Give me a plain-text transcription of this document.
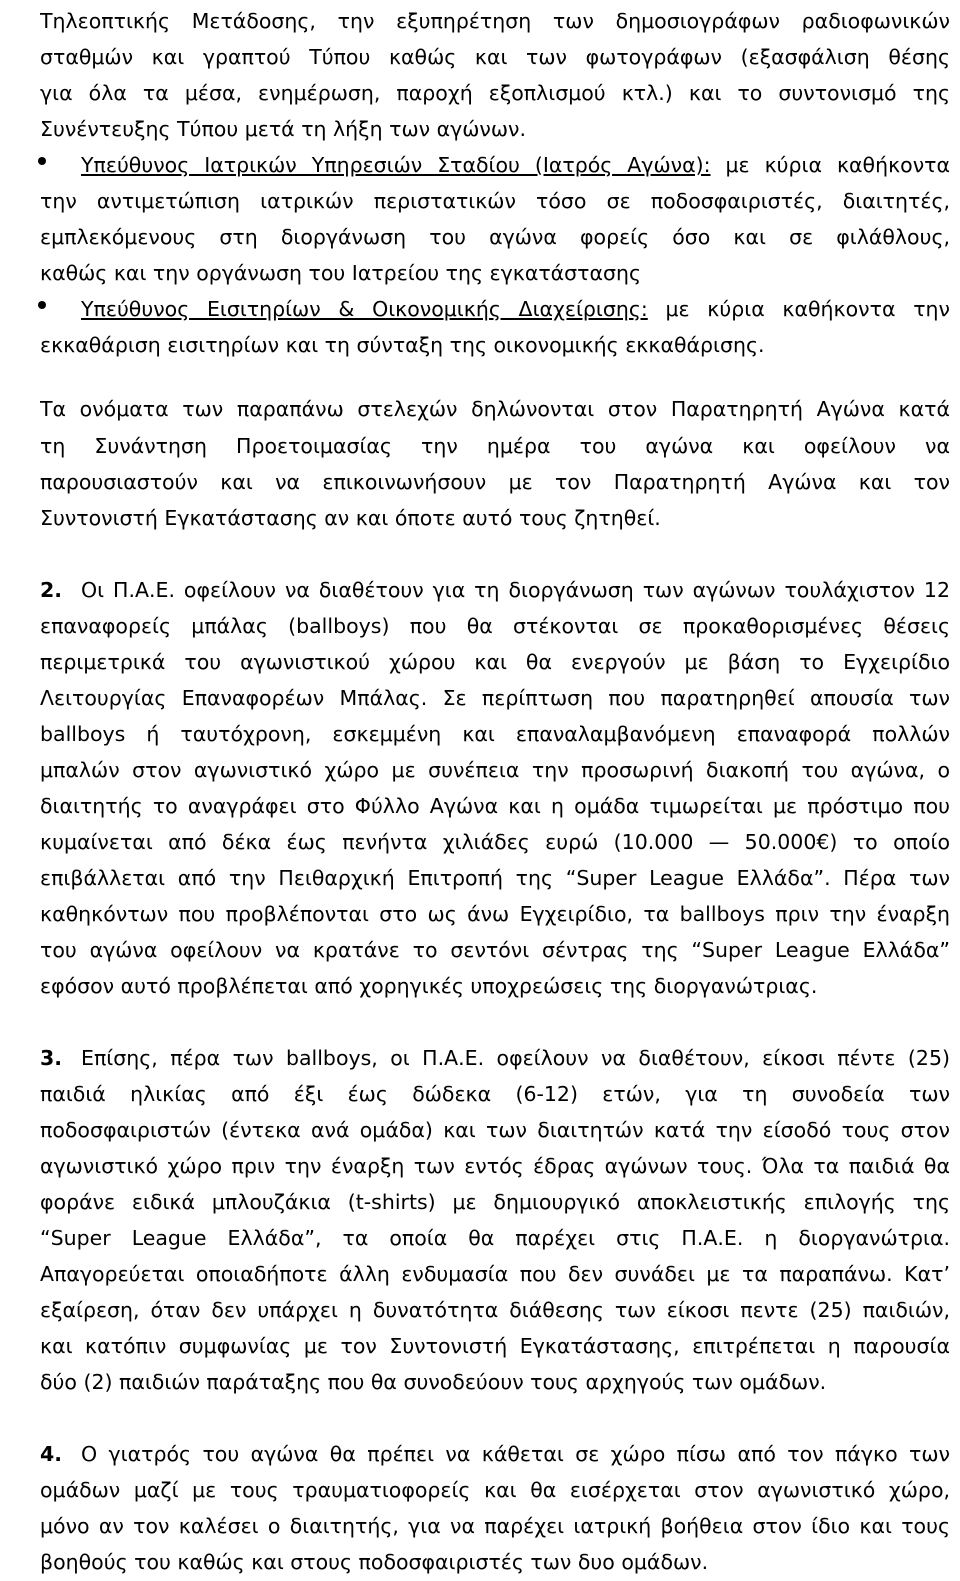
Τηλεοπτικής Μετάδοσης, την εξυπηρέτηση των δημοσιογράφων ραδιοφωνικών
σταθμών και γραπτού Τύπου καθώς και των φωτογράφων (εξασφάλιση θέσης
για όλα τα μέσα, ενημέρωση, παροχή εξοπλισμού κτλ.) και το συντονισμό της
Συνέντευξης Τύπου μετά τη λήξη των αγώνων.
Υπεύθυνος Ιατρικών Υπηρεσιών Σταδίου (Ιατρός Αγώνα): με κύρια καθήκοντα
την αντιμετώπιση ιατρικών περιστατικών τόσο σε ποδοσφαιριστές, διαιτητές,
εμπλεκόμενους στη διοργάνωση του αγώνα φορείς όσο και σε φιλάθλους,
καθώς και την οργάνωση του Ιατρείου της εγκατάστασης
Υπεύθυνος Εισιτηρίων & Οικονομικής Διαχείρισης: με κύρια καθήκοντα την
εκκαθάριση εισιτηρίων και τη σύνταξη της οικονομικής εκκαθάρισης.
Τα ονόματα των παραπάνω στελεχών δηλώνονται στον Παρατηρητή Αγώνα κατά
τη Συνάντηση Προετοιμασίας την ημέρα του αγώνα και οφείλουν να
παρουσιαστούν και να επικοινωνήσουν με τον Παρατηρητή Αγώνα και τον
Συντονιστή Εγκατάστασης αν και όποτε αυτό τους ζητηθεί.
2. Οι Π.Α.Ε. οφείλουν να διαθέτουν για τη διοργάνωση των αγώνων τουλάχιστον 12
επαναφορείς μπάλας (ballboys) που θα στέκονται σε προκαθορισμένες θέσεις
περιμετρικά του αγωνιστικού χώρου και θα ενεργούν με βάση το Εγχειρίδιο
Λειτουργίας Επαναφορέων Μπάλας. Σε περίπτωση που παρατηρηθεί απουσία των
ballboys ή ταυτόχρονη, εσκεμμένη και επαναλαμβανόμενη επαναφορά πολλών
μπαλών στον αγωνιστικό χώρο με συνέπεια την προσωρινή διακοπή του αγώνα, ο
διαιτητής το αναγράφει στο Φύλλο Αγώνα και η ομάδα τιμωρείται με πρόστιμο που
κυμαίνεται από δέκα έως πενήντα χιλιάδες ευρώ (10.000 — 50.000€) το οποίο
επιβάλλεται από την Πειθαρχική Επιτροπή της “Super League Ελλάδα”. Πέρα των
καθηκόντων που προβλέπονται στο ως άνω Εγχειρίδιο, τα ballboys πριν την έναρξη
του αγώνα οφείλουν να κρατάνε το σεντόνι σέντρας της “Super League Ελλάδα”
εφόσον αυτό προβλέπεται από χορηγικές υποχρεώσεις της διοργανώτριας.
3. Επίσης, πέρα των ballboys, οι Π.Α.Ε. οφείλουν να διαθέτουν, είκοσι πέντε (25)
παιδιά ηλικίας από έξι έως δώδεκα (6-12) ετών, για τη συνοδεία των
ποδοσφαιριστών (έντεκα ανά ομάδα) και των διαιτητών κατά την είσοδό τους στον
αγωνιστικό χώρο πριν την έναρξη των εντός έδρας αγώνων τους. Όλα τα παιδιά θα
φοράνε ειδικά μπλουζάκια (t-shirts) με δημιουργικό αποκλειστικής επιλογής της
“Super League Ελλάδα”, τα οποία θα παρέχει στις Π.Α.Ε. η διοργανώτρια.
Απαγορεύεται οποιαδήποτε άλλη ενδυμασία που δεν συνάδει με τα παραπάνω. Κατ’
εξαίρεση, όταν δεν υπάρχει η δυνατότητα διάθεσης των είκοσι πεντε (25) παιδιών,
και κατόπιν συμφωνίας με τον Συντονιστή Εγκατάστασης, επιτρέπεται η παρουσία
δύο (2) παιδιών παράταξης που θα συνοδεύουν τους αρχηγούς των ομάδων.
4. Ο γιατρός του αγώνα θα πρέπει να κάθεται σε χώρο πίσω από τον πάγκο των
ομάδων μαζί με τους τραυματιοφορείς και θα εισέρχεται στον αγωνιστικό χώρο,
μόνο αν τον καλέσει ο διαιτητής, για να παρέχει ιατρική βοήθεια στον ίδιο και τους
βοηθούς του καθώς και στους ποδοσφαιριστές των δυο ομάδων.
